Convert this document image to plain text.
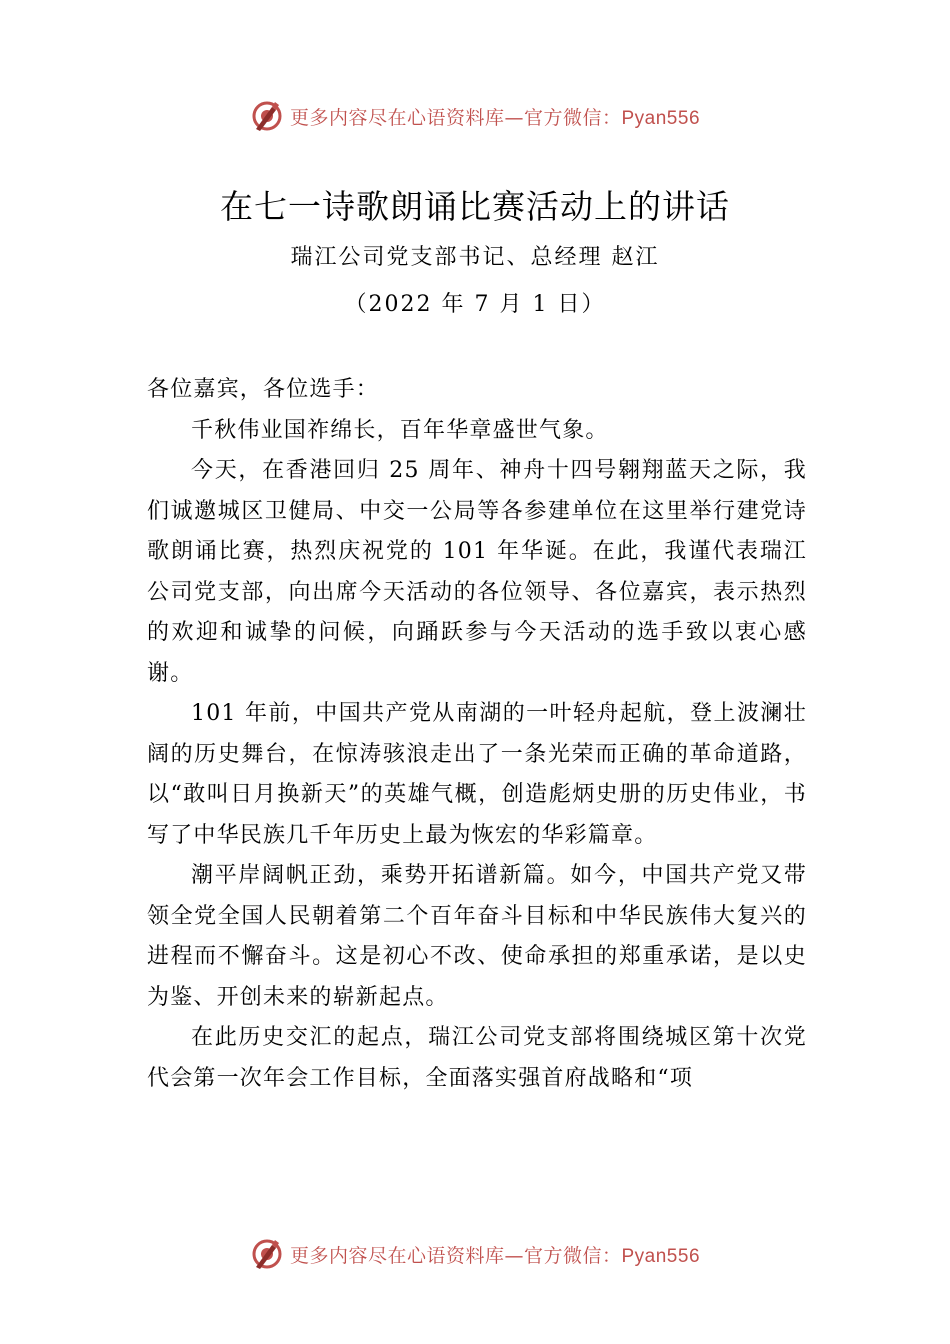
更多内容尽在心语资料库—官方微信：Pyan556
在七一诗歌朗诵比赛活动上的讲话
瑞江公司党支部书记、总经理 赵江
（2022 年 7 月 1 日）

各位嘉宾，各位选手：

千秋伟业国祚绵长，百年华章盛世气象。

今天，在香港回归 25 周年、神舟十四号翱翔蓝天之际，我们诚邀城区卫健局、中交一公局等各参建单位在这里举行建党诗歌朗诵比赛，热烈庆祝党的 101 年华诞。在此，我谨代表瑞江公司党支部，向出席今天活动的各位领导、各位嘉宾，表示热烈的欢迎和诚挚的问候，向踊跃参与今天活动的选手致以衷心感谢。

101 年前，中国共产党从南湖的一叶轻舟起航，登上波澜壮阔的历史舞台，在惊涛骇浪走出了一条光荣而正确的革命道路，以“敢叫日月换新天”的英雄气概，创造彪炳史册的历史伟业，书写了中华民族几千年历史上最为恢宏的华彩篇章。

潮平岸阔帆正劲，乘势开拓谱新篇。如今，中国共产党又带领全党全国人民朝着第二个百年奋斗目标和中华民族伟大复兴的进程而不懈奋斗。这是初心不改、使命承担的郑重承诺，是以史为鉴、开创未来的崭新起点。

在此历史交汇的起点，瑞江公司党支部将围绕城区第十次党代会第一次年会工作目标，全面落实强首府战略和“项

更多内容尽在心语资料库—官方微信：Pyan556
